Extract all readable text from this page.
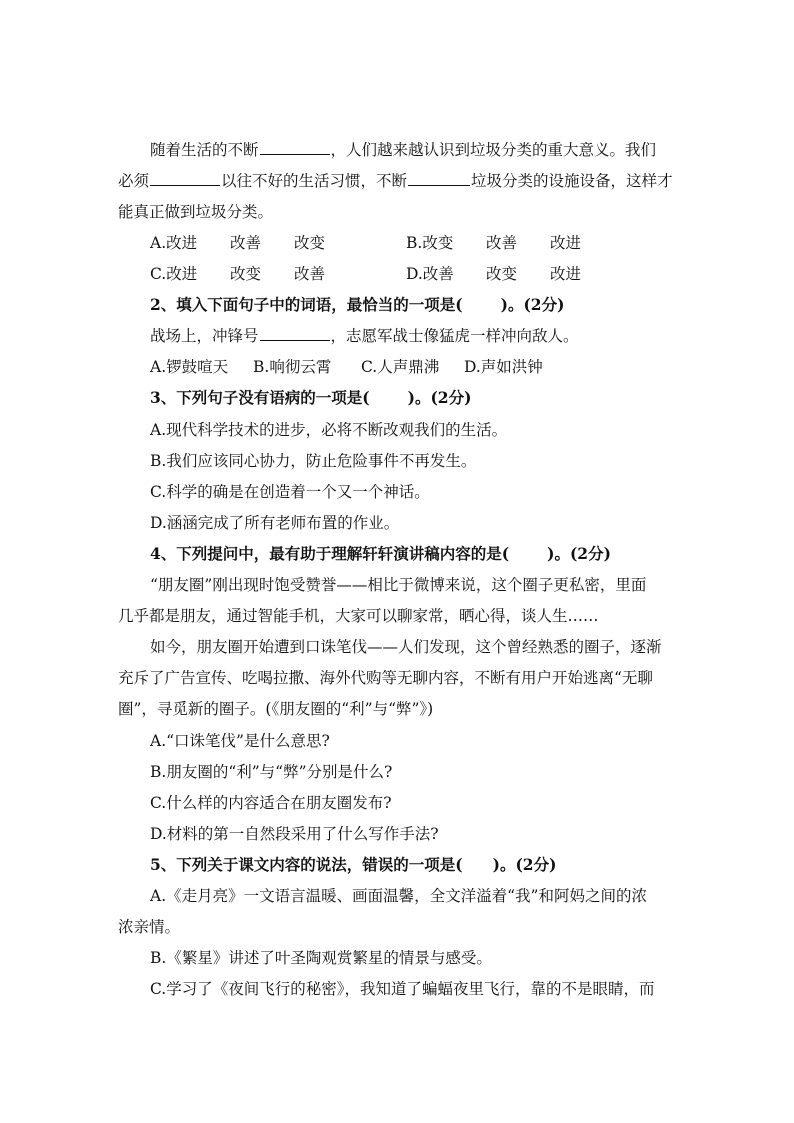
随着生活的不断	，人们越来越认识到垃圾分类的重大意义。我们
必须	以往不好的生活习惯，不断	垃圾分类的设施设备，这样才
能真正做到垃圾分类。
A.改进 改善 改变	B.改变 改善 改进
C.改进 改变 改善	D.改善 改变 改进
2、填入下面句子中的词语，最恰当的一项是( )。(2分)
战场上，冲锋号	，志愿军战士像猛虎一样冲向敌人。
A.锣鼓喧天 B.响彻云霄 C.人声鼎沸 D.声如洪钟
3、下列句子没有语病的一项是( )。(2分)
A.现代科学技术的进步，必将不断改观我们的生活。
B.我们应该同心协力，防止危险事件不再发生。
C.科学的确是在创造着一个又一个神话。
D.涵涵完成了所有老师布置的作业。
4、下列提问中，最有助于理解轩轩演讲稿内容的是( )。(2分)
“朋友圈”刚出现时饱受赞誉——相比于微博来说，这个圈子更私密，里面
几乎都是朋友，通过智能手机，大家可以聊家常，晒心得，谈人生……
如今，朋友圈开始遭到口诛笔伐——人们发现，这个曾经熟悉的圈子，逐渐
充斥了广告宣传、吃喝拉撒、海外代购等无聊内容，不断有用户开始逃离“无聊
圈”，寻觅新的圈子。(《朋友圈的“利”与“弊”》)
A.“口诛笔伐”是什么意思?
B.朋友圈的“利”与“弊”分别是什么?
C.什么样的内容适合在朋友圈发布?
D.材料的第一自然段采用了什么写作手法?
5、下列关于课文内容的说法，错误的一项是( )。(2分)
A.《走月亮》一文语言温暖、画面温馨，全文洋溢着“我”和阿妈之间的浓
浓亲情。
B.《繁星》讲述了叶圣陶观赏繁星的情景与感受。
C.学习了《夜间飞行的秘密》，我知道了蝙蝠夜里飞行，靠的不是眼睛，而
